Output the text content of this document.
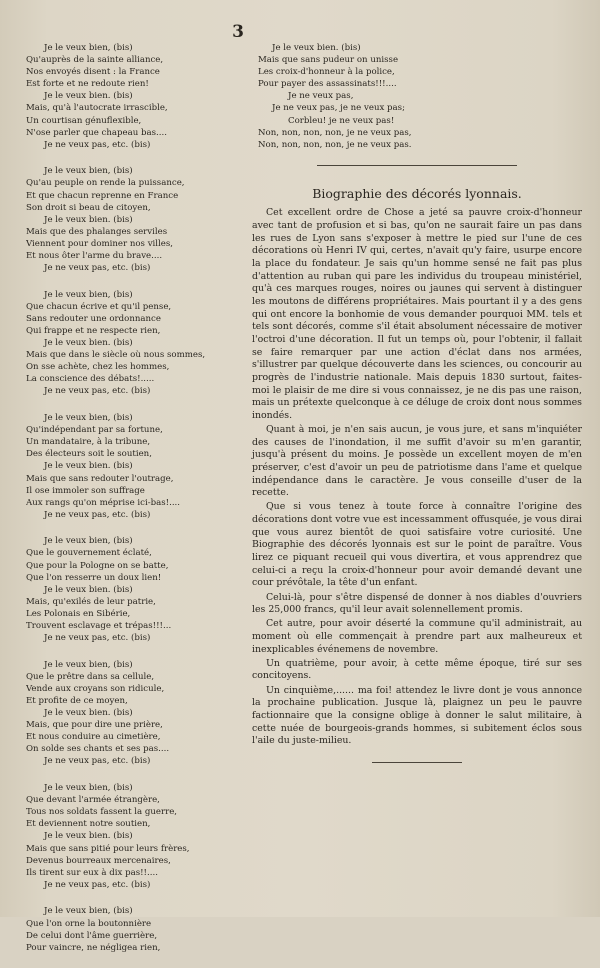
3
Je le veux bien, (bis)
Qu'auprès de la sainte alliance,
Nos envoyés disent : la France
Est forte et ne redoute rien!
Je le veux bien. (bis)
Mais, qu'à l'autocrate irrascible,
Un courtisan génuflexible,
N'ose parler que chapeau bas....
Je ne veux pas, etc. (bis)
Je le veux bien, (bis)
Qu'au peuple on rende la puissance,
Et que chacun reprenne en France
Son droit si beau de citoyen,
Je le veux bien. (bis)
Mais que des phalanges serviles
Viennent pour dominer nos villes,
Et nous ôter l'arme du brave....
Je ne veux pas, etc. (bis)
Je le veux bien, (bis)
Que chacun écrive et qu'il pense,
Sans redouter une ordonnance
Qui frappe et ne respecte rien,
Je le veux bien. (bis)
Mais que dans le siècle où nous sommes,
On sse achète, chez les hommes,
La conscience des débats!.....
Je ne veux pas, etc. (bis)
Je le veux bien, (bis)
Qu'indépendant par sa fortune,
Un mandataire, à la tribune,
Des électeurs soit le soutien,
Je le veux bien. (bis)
Mais que sans redouter l'outrage,
Il ose immoler son suffrage
Aux rangs qu'on méprise ici-bas!....
Je ne veux pas, etc. (bis)
Je le veux bien, (bis)
Que le gouvernement éclaté,
Que pour la Pologne on se batte,
Que l'on resserre un doux lien!
Je le veux bien. (bis)
Mais, qu'exilés de leur patrie,
Les Polonais en Sibérie,
Trouvent esclavage et trépas!!!...
Je ne veux pas, etc. (bis)
Je le veux bien, (bis)
Que le prêtre dans sa cellule,
Vende aux croyans son ridicule,
Et profite de ce moyen,
Je le veux bien. (bis)
Mais, que pour dire une prière,
Et nous conduire au cimetière,
On solde ses chants et ses pas....
Je ne veux pas, etc. (bis)
Je le veux bien, (bis)
Que devant l'armée étrangère,
Tous nos soldats fassent la guerre,
Et deviennent notre soutien,
Je le veux bien. (bis)
Mais que sans pitié pour leurs frères,
Devenus bourreaux mercenaires,
Ils tirent sur eux à dix pas!!....
Je ne veux pas, etc. (bis)
Je le veux bien, (bis)
Que l'on orne la boutonnière
De celui dont l'âme guerrière,
Pour vaincre, ne négligea rien,
Je le veux bien. (bis)
Mais que sans pudeur on unisse
Les croix-d'honneur à la police,
Pour payer des assassinats!!!....
Je ne veux pas,
Je ne veux pas, je ne veux pas;
Corbleu! je ne veux pas!
Non, non, non, non, je ne veux pas,
Non, non, non, non, je ne veux pas.
Biographie des décorés lyonnais.

Cet excellent ordre de Chose a jeté sa pauvre croix-d'honneur avec tant de profusion et si bas, qu'on ne saurait faire un pas dans les rues de Lyon sans s'exposer à mettre le pied sur l'une de ces décorations où Henri IV qui, certes, n'avait qu'y faire, usurpe encore la place du fondateur. Je sais qu'un homme sensé ne fait pas plus d'attention au ruban qui pare les individus du troupeau ministériel, qu'à ces marques rouges, noires ou jaunes qui servent à distinguer les moutons de différens propriétaires. Mais pourtant il y a des gens qui ont encore la bonhomie de vous demander pourquoi MM. tels et tels sont décorés, comme s'il était absolument nécessaire de motiver l'octroi d'une décoration. Il fut un temps où, pour l'obtenir, il fallait se faire remarquer par une action d'éclat dans nos armées, s'illustrer par quelque découverte dans les sciences, ou concourir au progrès de l'industrie nationale. Mais depuis 1830 surtout, faites-moi le plaisir de me dire si vous connaissez, je ne dis pas une raison, mais un prétexte quelconque à ce déluge de croix dont nous sommes inondés.

Quant à moi, je n'en sais aucun, je vous jure, et sans m'inquiéter des causes de l'inondation, il me suffit d'avoir su m'en garantir, jusqu'à présent du moins. Je possède un excellent moyen de m'en préserver, c'est d'avoir un peu de patriotisme dans l'ame et quelque indépendance dans le caractère. Je vous conseille d'user de la recette.

Que si vous tenez à toute force à connaître l'origine des décorations dont votre vue est incessamment offusquée, je vous dirai que vous aurez bientôt de quoi satisfaire votre curiosité. Une Biographie des décorés lyonnais est sur le point de paraître. Vous lirez ce piquant recueil qui vous divertira, et vous apprendrez que celui-ci a reçu la croix-d'honneur pour avoir demandé devant une cour prévôtale, la tête d'un enfant.

Celui-là, pour s'être dispensé de donner à nos diables d'ouvriers les 25,000 francs, qu'il leur avait solennellement promis.

Cet autre, pour avoir déserté la commune qu'il administrait, au moment où elle commençait à prendre part aux malheureux et inexplicables événemens de novembre.

Un quatrième, pour avoir, à cette même époque, tiré sur ses concitoyens.

Un cinquième,...... ma foi! attendez le livre dont je vous annonce la prochaine publication. Jusque là, plaignez un peu le pauvre factionnaire que la consigne oblige à donner le salut militaire, à cette nuée de bourgeois-grands hommes, si subitement éclos sous l'aile du juste-milieu.
